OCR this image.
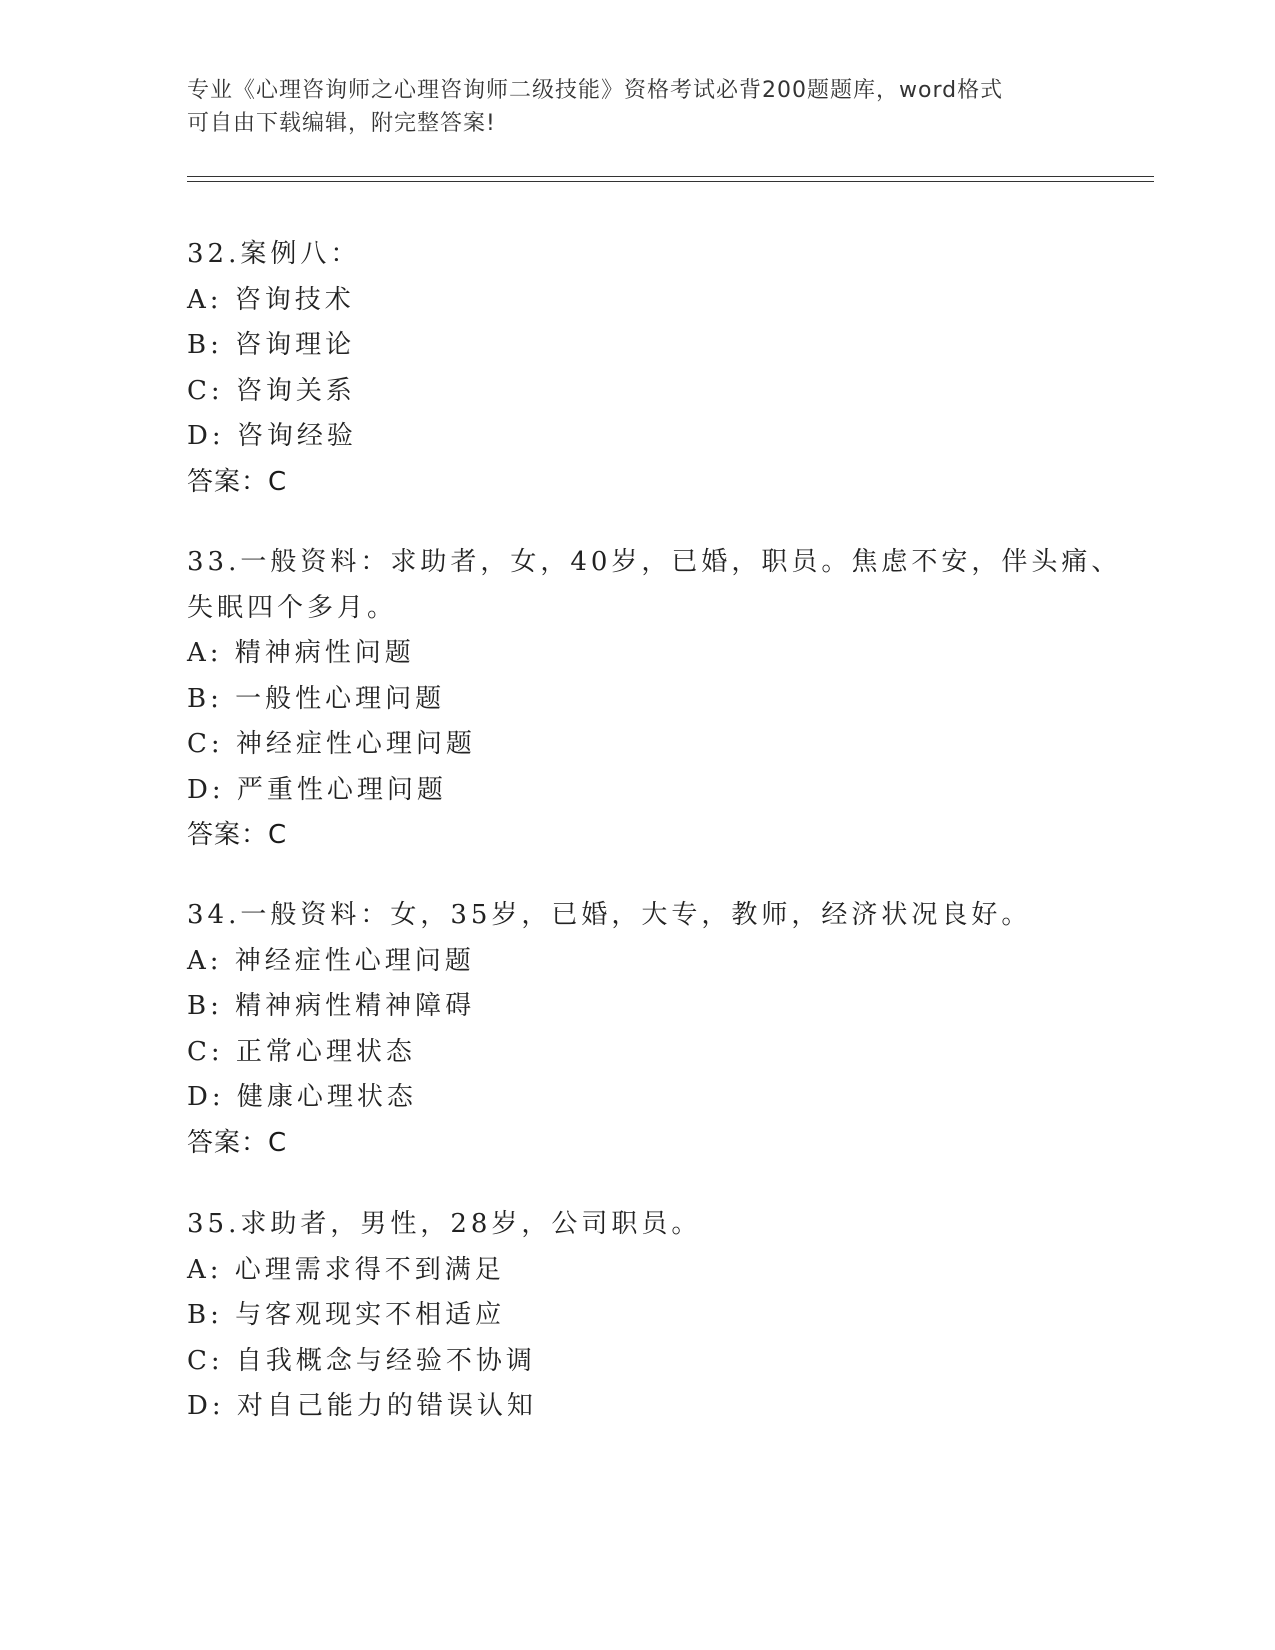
专业《心理咨询师之心理咨询师二级技能》资格考试必背200题题库，word格式
可自由下载编辑，附完整答案!
32.案例八：
A: 咨询技术
B: 咨询理论
C: 咨询关系
D: 咨询经验
答案：C
33.一般资料：求助者，女，40岁，已婚，职员。焦虑不安，伴头痛、
失眠四个多月。
A: 精神病性问题
B: 一般性心理问题
C: 神经症性心理问题
D: 严重性心理问题
答案：C
34.一般资料：女，35岁，已婚，大专，教师，经济状况良好。
A: 神经症性心理问题
B: 精神病性精神障碍
C: 正常心理状态
D: 健康心理状态
答案：C
35.求助者，男性，28岁，公司职员。
A: 心理需求得不到满足
B: 与客观现实不相适应
C: 自我概念与经验不协调
D: 对自己能力的错误认知
